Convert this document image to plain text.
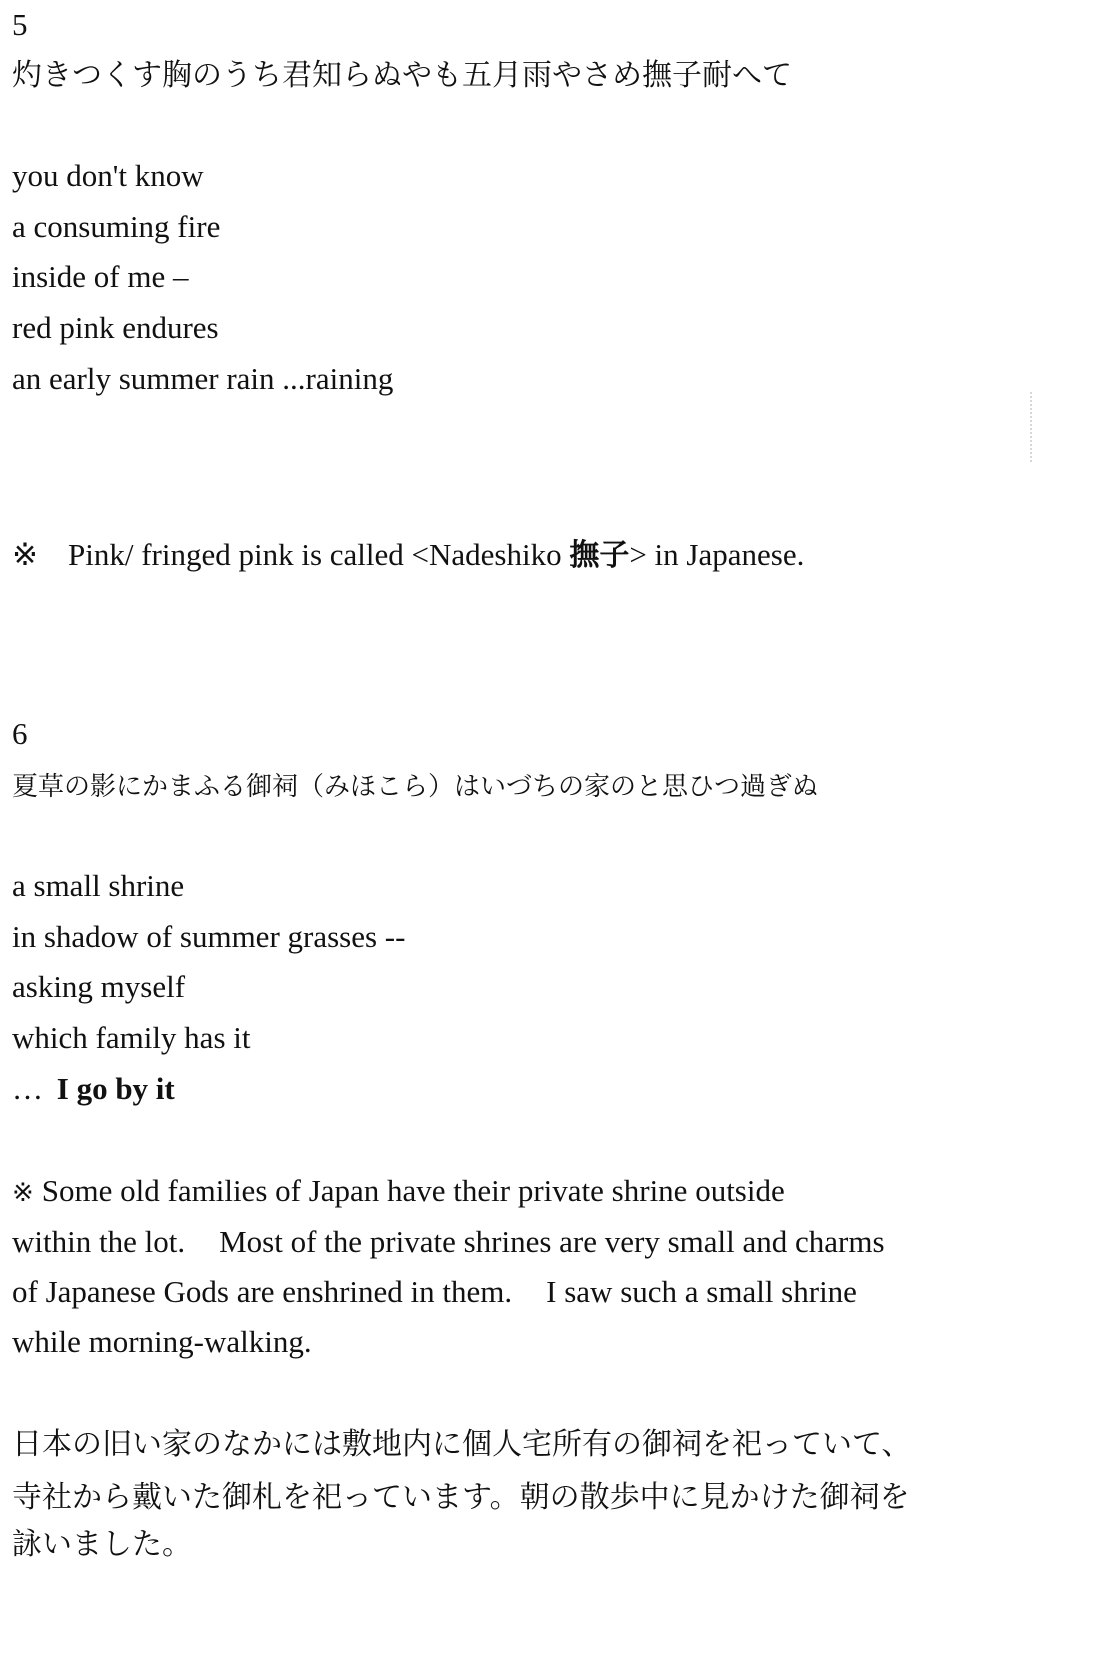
5
灼きつくす胸のうち君知らぬやも五月雨やさめ撫子耐へて
you don't know
a consuming fire
inside of me –
red pink endures
an early summer rain ...raining
※ Pink/ fringed pink is called <Nadeshiko 撫子> in Japanese.
6
夏草の影にかまふる御祠（みほこら）はいづちの家のと思ひつ過ぎぬ
a small shrine
in shadow of summer grasses --
asking myself
which family has it
… I go by it
※ Some old families of Japan have their private shrine outside
within the lot. Most of the private shrines are very small and charms
of Japanese Gods are enshrined in them. I saw such a small shrine
while morning-walking.
日本の旧い家のなかには敷地内に個人宅所有の御祠を祀っていて、
寺社から戴いた御札を祀っています。朝の散歩中に見かけた御祠を
詠いました。
